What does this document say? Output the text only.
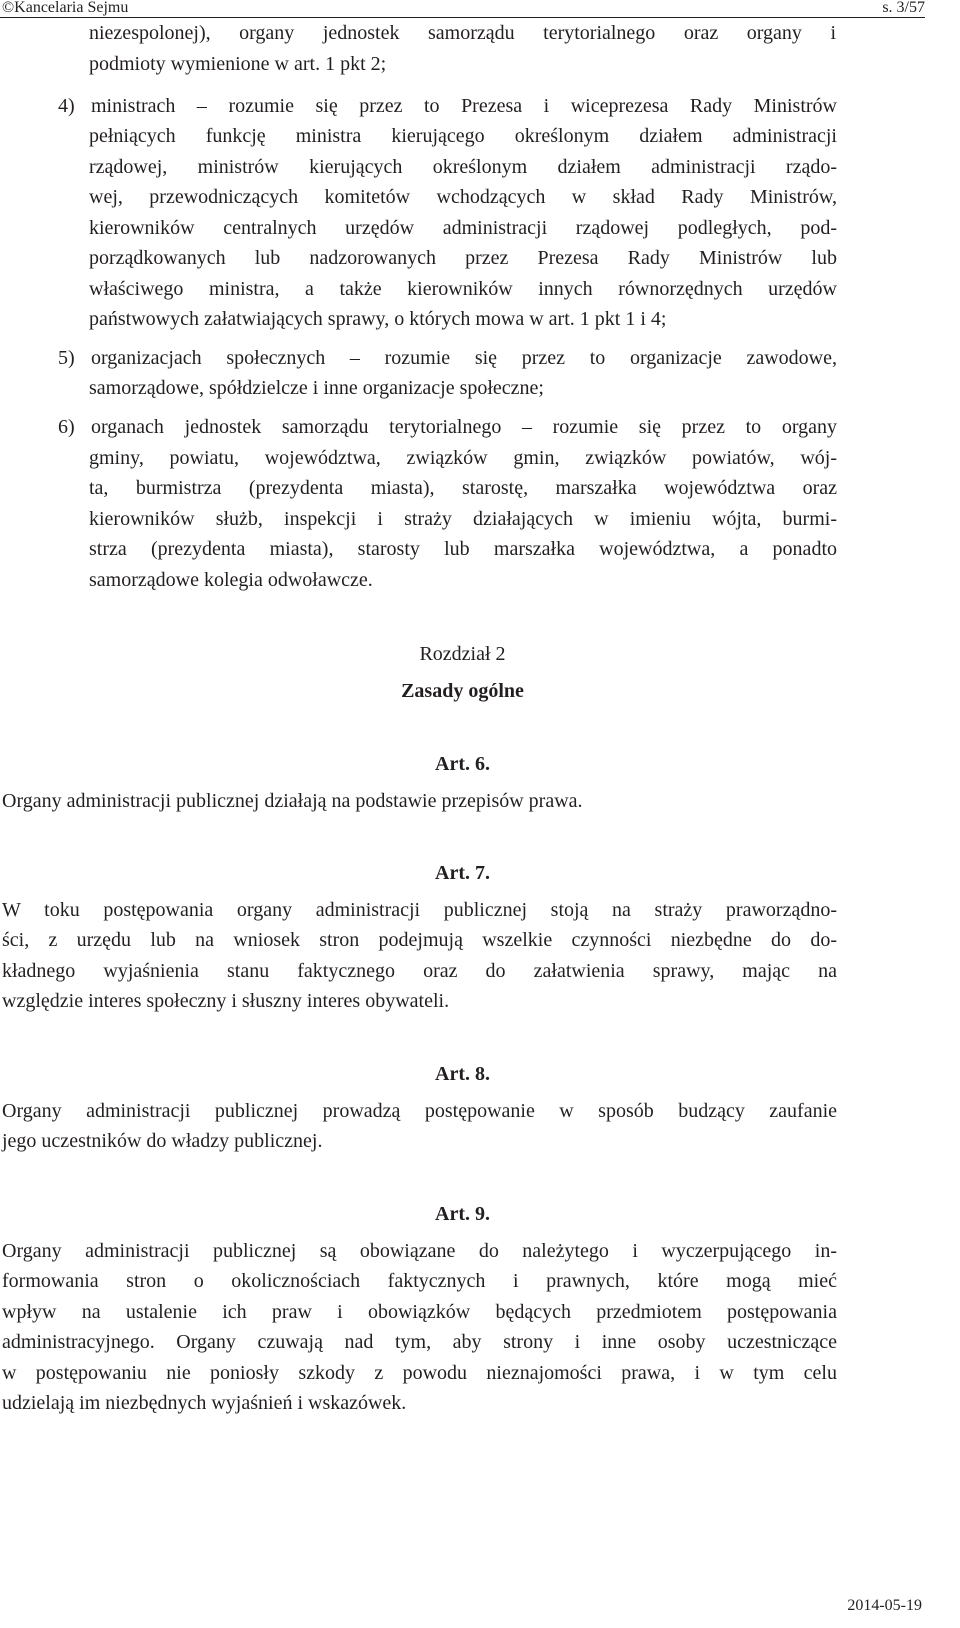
©Kancelaria Sejmu	s. 3/57
niezespolonej), organy jednostek samorządu terytorialnego oraz organy i
podmioty wymienione w art. 1 pkt 2;
4) ministrach – rozumie się przez to Prezesa i wiceprezesa Rady Ministrów
pełniących funkcję ministra kierującego określonym działem administracji
rządowej, ministrów kierujących określonym działem administracji rządo-
wej, przewodniczących komitetów wchodzących w skład Rady Ministrów,
kierowników centralnych urzędów administracji rządowej podległych, pod-
porządkowanych lub nadzorowanych przez Prezesa Rady Ministrów lub
właściwego ministra, a także kierowników innych równorzędnych urzędów
państwowych załatwiających sprawy, o których mowa w art. 1 pkt 1 i 4;
5) organizacjach społecznych – rozumie się przez to organizacje zawodowe,
samorządowe, spółdzielcze i inne organizacje społeczne;
6) organach jednostek samorządu terytorialnego – rozumie się przez to organy
gminy, powiatu, województwa, związków gmin, związków powiatów, wój-
ta, burmistrza (prezydenta miasta), starostę, marszałka województwa oraz
kierowników służb, inspekcji i straży działających w imieniu wójta, burmi-
strza (prezydenta miasta), starosty lub marszałka województwa, a ponadto
samorządowe kolegia odwoławcze.
Rozdział 2
Zasady ogólne
Art. 6.
Organy administracji publicznej działają na podstawie przepisów prawa.
Art. 7.
W toku postępowania organy administracji publicznej stoją na straży praworządno-
ści, z urzędu lub na wniosek stron podejmują wszelkie czynności niezbędne do do-
kładnego wyjaśnienia stanu faktycznego oraz do załatwienia sprawy, mając na
względzie interes społeczny i słuszny interes obywateli.
Art. 8.
Organy administracji publicznej prowadzą postępowanie w sposób budzący zaufanie
jego uczestników do władzy publicznej.
Art. 9.
Organy administracji publicznej są obowiązane do należytego i wyczerpującego in-
formowania stron o okolicznościach faktycznych i prawnych, które mogą mieć
wpływ na ustalenie ich praw i obowiązków będących przedmiotem postępowania
administracyjnego. Organy czuwają nad tym, aby strony i inne osoby uczestniczące
w postępowaniu nie poniosły szkody z powodu nieznajomości prawa, i w tym celu
udzielają im niezbędnych wyjaśnień i wskazówek.
2014-05-19
